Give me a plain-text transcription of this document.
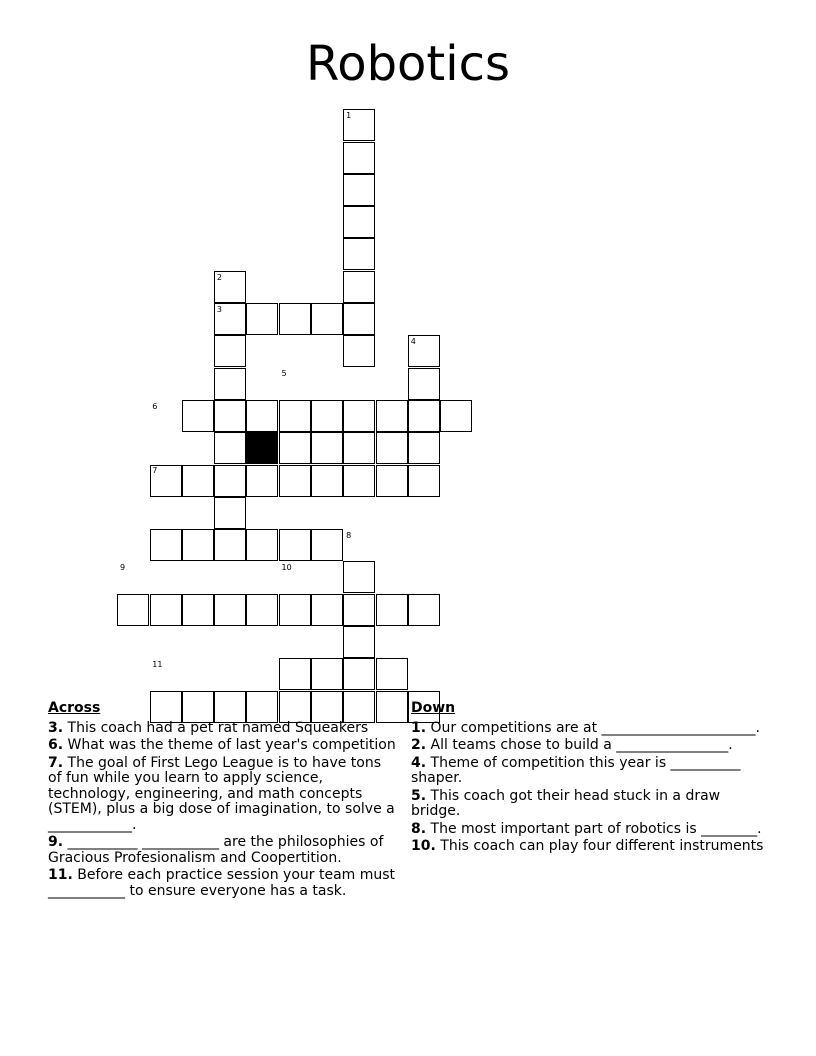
Robotics
1
2
3
4
5
6
7
8
9	10
11
Across
3. This coach had a pet rat named Squeakers
6. What was the theme of last year's competition
7. The goal of First Lego League is to have tons of fun while you learn to apply science, technology, engineering, and math concepts (STEM), plus a big dose of imagination, to solve a ____________.
9. __________ ___________ are the philosophies of Gracious Profesionalism and Coopertition.
11. Before each practice session your team must ___________ to ensure everyone has a task.
Down
1. Our competitions are at ______________________.
2. All teams chose to build a ________________.
4. Theme of competition this year is __________ shaper.
5. This coach got their head stuck in a draw bridge.
8. The most important part of robotics is ________.
10. This coach can play four different instruments
